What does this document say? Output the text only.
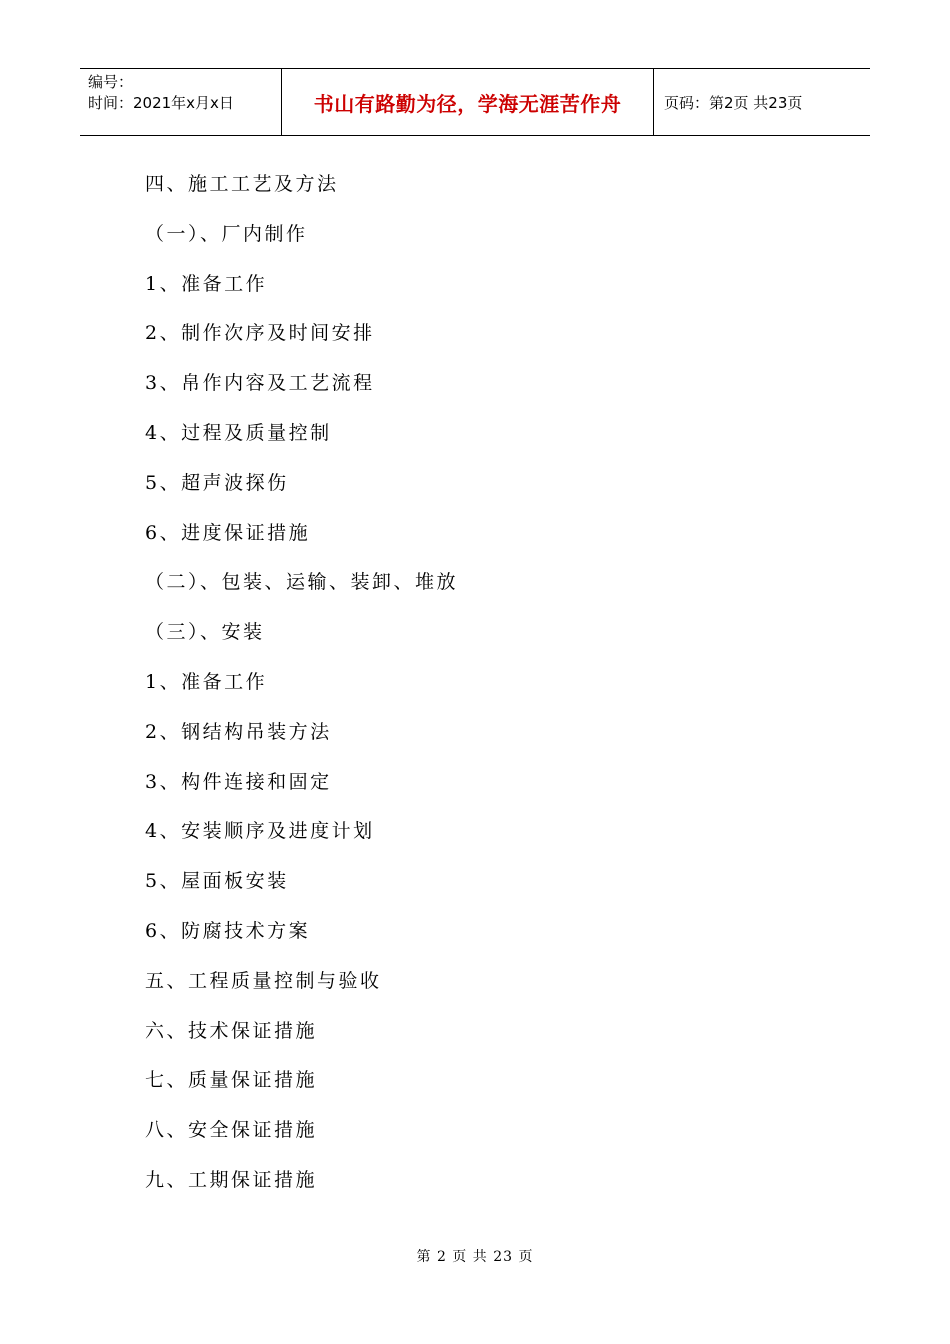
编号：
时间：2021年x月x日	书山有路勤为径，学海无涯苦作舟	页码：第2页 共23页
四、施工工艺及方法
（一）、厂内制作
1、准备工作
2、制作次序及时间安排
3、帛作内容及工艺流程
4、过程及质量控制
5、超声波探伤
6、进度保证措施
（二）、包装、运输、装卸、堆放
（三）、安装
1、准备工作
2、钢结构吊装方法
3、构件连接和固定
4、安装顺序及进度计划
5、屋面板安装
6、防腐技术方案
五、工程质量控制与验收
六、技术保证措施
七、质量保证措施
八、安全保证措施
九、工期保证措施
第 2 页 共 23 页
